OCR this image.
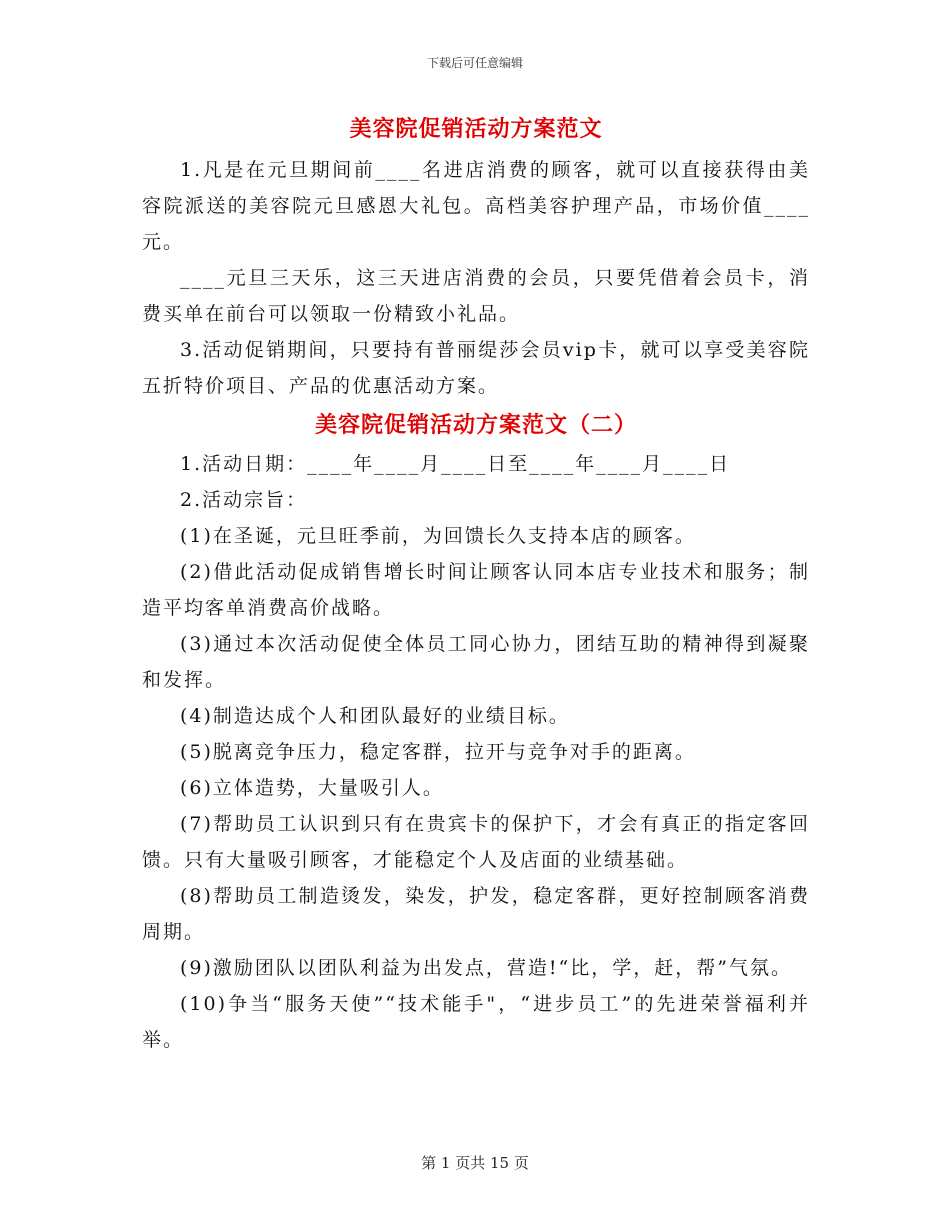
下载后可任意编辑
美容院促销活动方案范文

1.凡是在元旦期间前____名进店消费的顾客，就可以直接获得由美容院派送的美容院元旦感恩大礼包。高档美容护理产品，市场价值____元。

____元旦三天乐，这三天进店消费的会员，只要凭借着会员卡，消费买单在前台可以领取一份精致小礼品。

3.活动促销期间，只要持有普丽缇莎会员vip卡，就可以享受美容院五折特价项目、产品的优惠活动方案。

美容院促销活动方案范文（二）

1.活动日期：____年____月____日至____年____月____日

2.活动宗旨：

(1)在圣诞，元旦旺季前，为回馈长久支持本店的顾客。

(2)借此活动促成销售增长时间让顾客认同本店专业技术和服务；制造平均客单消费高价战略。

(3)通过本次活动促使全体员工同心协力，团结互助的精神得到凝聚和发挥。

(4)制造达成个人和团队最好的业绩目标。

(5)脱离竞争压力，稳定客群，拉开与竞争对手的距离。

(6)立体造势，大量吸引人。

(7)帮助员工认识到只有在贵宾卡的保护下，才会有真正的指定客回馈。只有大量吸引顾客，才能稳定个人及店面的业绩基础。

(8)帮助员工制造烫发，染发，护发，稳定客群，更好控制顾客消费周期。

(9)激励团队以团队利益为出发点，营造!“比，学，赶，帮”气氛。

(10)争当“服务天使”“技术能手"，“进步员工”的先进荣誉福利并举。

第 1 页共 15 页
